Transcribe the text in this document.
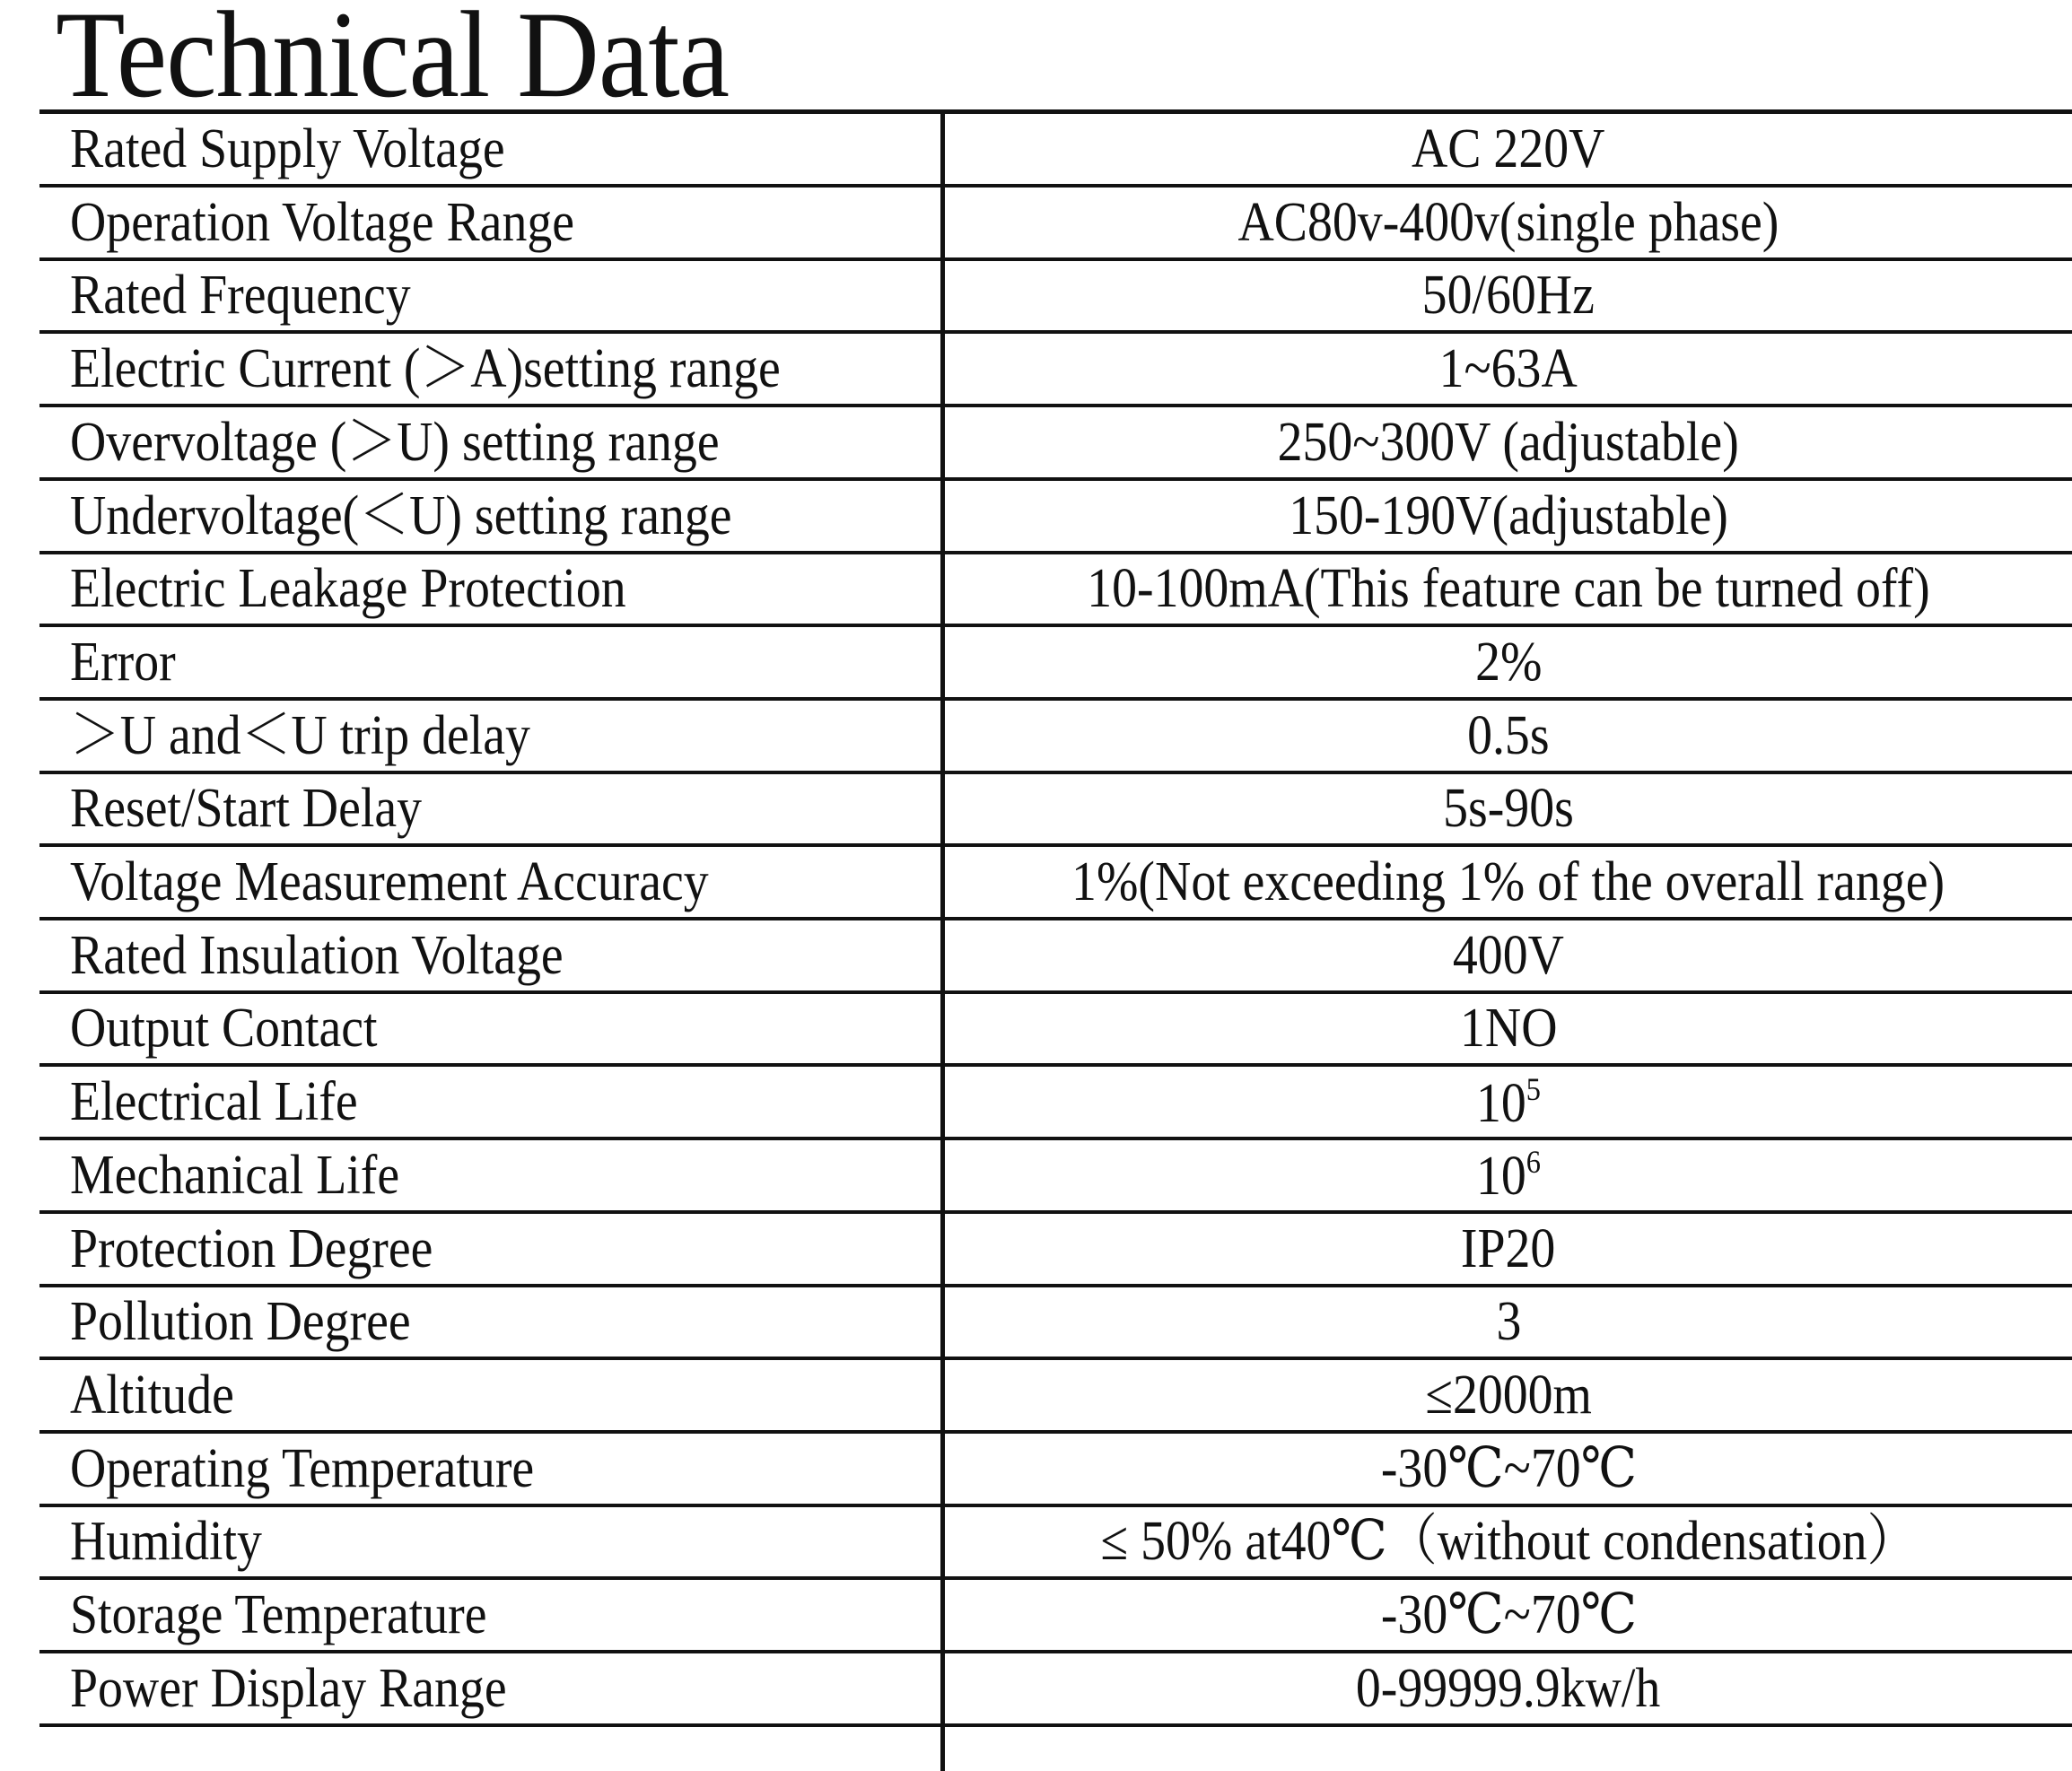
Technical Data
Rated Supply Voltage	AC 220V
Operation Voltage Range	AC80v-400v(single phase)
Rated Frequency	50/60Hz
Electric Current (＞A)setting range	1~63A
Overvoltage (＞U) setting range	250~300V (adjustable)
Undervoltage(＜U) setting range	150-190V(adjustable)
Electric Leakage Protection	10-100mA(This feature can be turned off)
Error	2%
＞U and＜U trip delay	0.5s
Reset/Start Delay	5s-90s
Voltage Measurement Accuracy	1%(Not exceeding 1% of the overall range)
Rated Insulation Voltage	400V
Output Contact	1NO
Electrical Life	$10^5$
Mechanical Life	$10^6$
Protection Degree	IP20
Pollution Degree	3
Altitude	≤2000m
Operating Temperature	-30℃~70℃
Humidity	≤ 50% at40℃（without condensation）
Storage Temperature	-30℃~70℃
Power Display Range	0-99999.9kw/h
